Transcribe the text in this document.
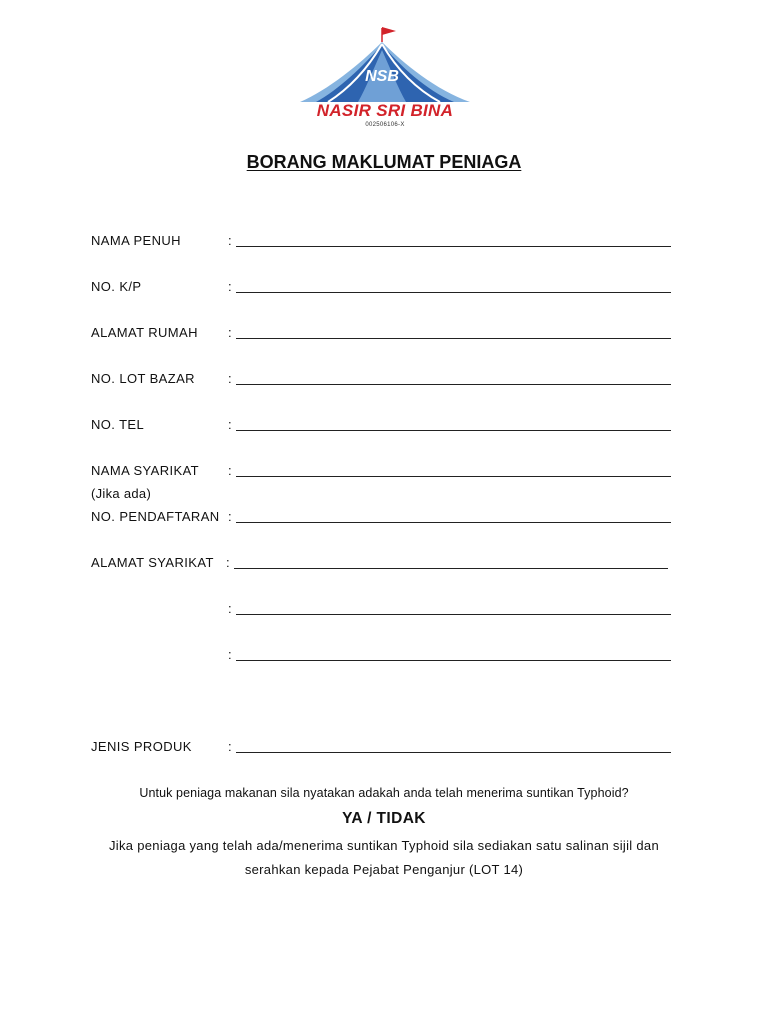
NSB
NASIR SRI BINA
002506106-X
BORANG MAKLUMAT PENIAGA
NAMA PENUH	:
NO. K/P	:
ALAMAT RUMAH :
NO. LOT BAZAR	:
NO. TEL	:
NAMA SYARIKAT :
(Jika ada)
NO. PENDAFTARAN :
ALAMAT SYARIKAT :
:
:
JENIS PRODUK	:
Untuk peniaga makanan sila nyatakan adakah anda telah menerima suntikan Typhoid?
YA / TIDAK
Jika peniaga yang telah ada/menerima suntikan Typhoid sila sediakan satu salinan sijil dan
serahkan kepada Pejabat Penganjur (LOT 14)
